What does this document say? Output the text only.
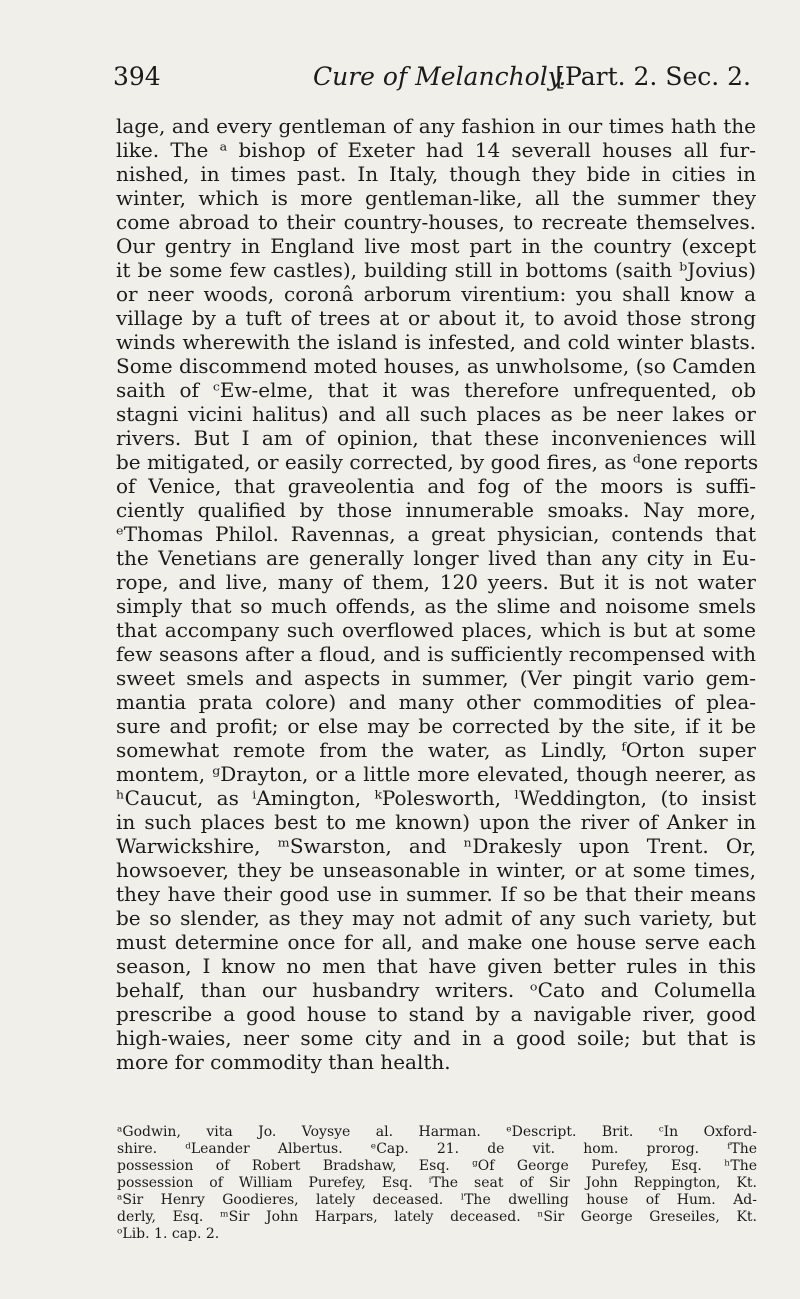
394	Cure of Melancholy.
[Part. 2. Sec. 2.
lage, and every gentleman of any fashion in our times hath the
like. The ᵃ bishop of Exeter had 14 severall houses all fur-
nished, in times past. In Italy, though they bide in cities in
winter, which is more gentleman-like, all the summer they
come abroad to their country-houses, to recreate themselves.
Our gentry in England live most part in the country (except
it be some few castles), building still in bottoms (saith ᵇJovius)
or neer woods, coronâ arborum virentium: you shall know a
village by a tuft of trees at or about it, to avoid those strong
winds wherewith the island is infested, and cold winter blasts.
Some discommend moted houses, as unwholsome, (so Camden
saith of ᶜEw-elme, that it was therefore unfrequented, ob
stagni vicini halitus) and all such places as be neer lakes or
rivers. But I am of opinion, that these inconveniences will
be mitigated, or easily corrected, by good fires, as ᵈone reports
of Venice, that graveolentia and fog of the moors is suffi-
ciently qualified by those innumerable smoaks. Nay more,
ᵉThomas Philol. Ravennas, a great physician, contends that
the Venetians are generally longer lived than any city in Eu-
rope, and live, many of them, 120 yeers. But it is not water
simply that so much offends, as the slime and noisome smels
that accompany such overflowed places, which is but at some
few seasons after a floud, and is sufficiently recompensed with
sweet smels and aspects in summer, (Ver pingit vario gem-
mantia prata colore) and many other commodities of plea-
sure and profit; or else may be corrected by the site, if it be
somewhat remote from the water, as Lindly, ᶠOrton super
montem, ᵍDrayton, or a little more elevated, though neerer, as
ʰCaucut, as ⁱAmington, ᵏPolesworth, ˡWeddington, (to insist
in such places best to me known) upon the river of Anker in
Warwickshire, ᵐSwarston, and ⁿDrakesly upon Trent. Or,
howsoever, they be unseasonable in winter, or at some times,
they have their good use in summer. If so be that their means
be so slender, as they may not admit of any such variety, but
must determine once for all, and make one house serve each
season, I know no men that have given better rules in this
behalf, than our husbandry writers. ᵒCato and Columella
prescribe a good house to stand by a navigable river, good
high-waies, neer some city and in a good soile; but that is
more for commodity than health.
ᵃGodwin, vita Jo. Voysye al. Harman. ᵉDescript. Brit. ᶜIn Oxford-
shire. ᵈLeander Albertus. ᵉCap. 21. de vit. hom. prorog. ᶠThe
possession of Robert Bradshaw, Esq. ᵍOf George Purefey, Esq. ʰThe
possession of William Purefey, Esq. ⁱThe seat of Sir John Reppington, Kt.
ᵃSir Henry Goodieres, lately deceased. ˡThe dwelling house of Hum. Ad-
derly, Esq. ᵐSir John Harpars, lately deceased. ⁿSir George Greseiles, Kt.
ᵒLib. 1. cap. 2.
